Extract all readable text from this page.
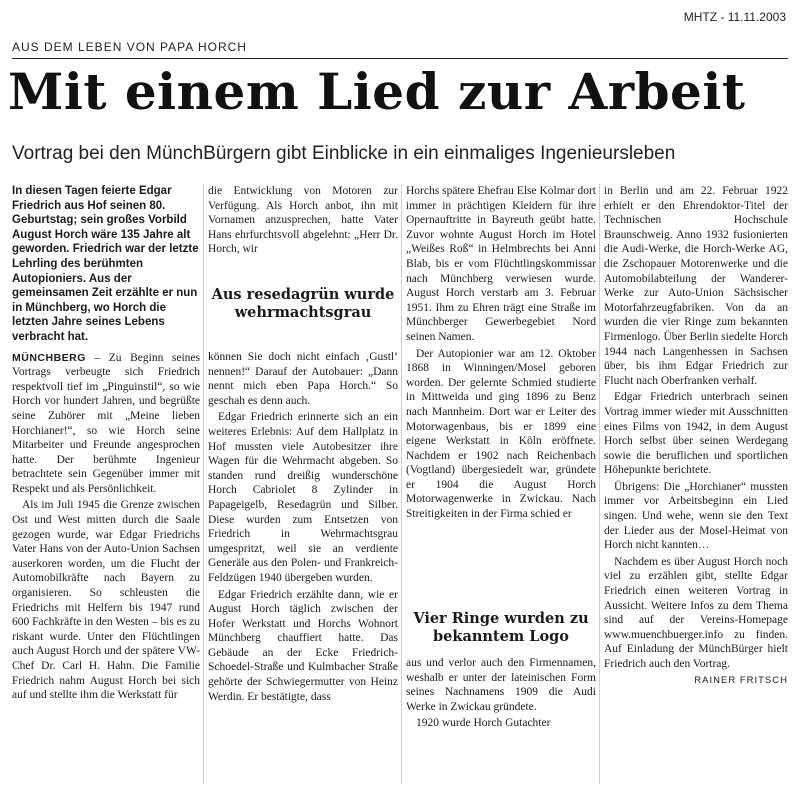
MHTZ - 11.11.2003
AUS DEM LEBEN VON PAPA HORCH
Mit einem Lied zur Arbeit
Vortrag bei den MünchBürgern gibt Einblicke in ein einmaliges Ingenieursleben
In diesen Tagen feierte Edgar Friedrich aus Hof seinen 80. Geburtstag; sein großes Vorbild August Horch wäre 135 Jahre alt geworden. Friedrich war der letzte Lehrling des berühmten Autopioniers. Aus der gemeinsamen Zeit erzählte er nun in Münchberg, wo Horch die letzten Jahre seines Lebens verbracht hat.

MÜNCHBERG – Zu Beginn seines Vortrags verbeugte sich Friedrich respektvoll tief im „Pinguinstil“, so wie Horch vor hundert Jahren, und begrüßte seine Zuhörer mit „Meine lieben Horchianer!“, so wie Horch seine Mitarbeiter und Freunde angesprochen hatte. Der berühmte Ingenieur betrachtete sein Gegenüber immer mit Respekt und als Persönlichkeit.

Als im Juli 1945 die Grenze zwischen Ost und West mitten durch die Saale gezogen wurde, war Edgar Friedrichs Vater Hans von der Auto-Union Sachsen auserkoren worden, um die Flucht der Automobilkräfte nach Bayern zu organisieren. So schleusten die Friedrichs mit Helfern bis 1947 rund 600 Fachkräfte in den Westen – bis es zu riskant wurde. Unter den Flüchtlingen auch August Horch und der spätere VW-Chef Dr. Carl H. Hahn. Die Familie Friedrich nahm August Horch bei sich auf und stellte ihm die Werkstatt für

die Entwicklung von Motoren zur Verfügung. Als Horch anbot, ihn mit Vornamen anzusprechen, hatte Vater Hans ehrfurchtsvoll abgelehnt: „Herr Dr. Horch, wir

Aus resedagrün wurde wehrmachtsgrau

können Sie doch nicht einfach ‚Gustl‘ nennen!“ Darauf der Autobauer: „Dann nennt mich eben Papa Horch.“ So geschah es denn auch.

Edgar Friedrich erinnerte sich an ein weiteres Erlebnis: Auf dem Hallplatz in Hof mussten viele Autobesitzer ihre Wagen für die Wehrmacht abgeben. So standen rund dreißig wunderschöne Horch Cabriolet 8 Zylinder in Papageigelb, Resedagrün und Silber. Diese wurden zum Entsetzen von Friedrich in Wehrmachtsgrau umgespritzt, weil sie an verdiente Generäle aus den Polen- und Frankreich-Feldzügen 1940 übergeben wurden.

Edgar Friedrich erzählte dann, wie er August Horch täglich zwischen der Hofer Werkstatt und Horchs Wohnort Münchberg chauffiert hatte. Das Gebäude an der Ecke Friedrich-Schoedel-Straße und Kulmbacher Straße gehörte der Schwiegermutter von Heinz Werdin. Er bestätigte, dass

Horchs spätere Ehefrau Else Kolmar dort immer in prächtigen Kleidern für ihre Opernauftritte in Bayreuth geübt hatte. Zuvor wohnte August Horch im Hotel „Weißes Roß“ in Helmbrechts bei Anni Blab, bis er vom Flüchtlingskommissar nach Münchberg verwiesen wurde. August Horch verstarb am 3. Februar 1951. Ihm zu Ehren trägt eine Straße im Münchberger Gewerbegebiet Nord seinen Namen.

Der Autopionier war am 12. Oktober 1868 in Winningen/Mosel geboren worden. Der gelernte Schmied studierte in Mittweida und ging 1896 zu Benz nach Mannheim. Dort war er Leiter des Motorwagenbaus, bis er 1899 eine eigene Werkstatt in Köln eröffnete. Nachdem er 1902 nach Reichenbach (Vogtland) übergesiedelt war, gründete er 1904 die August Horch Motorwagenwerke in Zwickau. Nach Streitigkeiten in der Firma schied er

Vier Ringe wurden zu bekanntem Logo

aus und verlor auch den Firmennamen, weshalb er unter der lateinischen Form seines Nachnamens 1909 die Audi Werke in Zwickau gründete.

1920 wurde Horch Gutachter

in Berlin und am 22. Februar 1922 erhielt er den Ehrendoktor-Titel der Technischen Hochschule Braunschweig. Anno 1932 fusionierten die Audi-Werke, die Horch-Werke AG, die Zschopauer Motorenwerke und die Automobilabteilung der Wanderer-Werke zur Auto-Union Sächsischer Motorfahrzeugfabriken. Von da an wurden die vier Ringe zum bekannten Firmenlogo. Über Berlin siedelte Horch 1944 nach Langenhessen in Sachsen über, bis ihm Edgar Friedrich zur Flucht nach Oberfranken verhalf.

Edgar Friedrich unterbrach seinen Vortrag immer wieder mit Ausschnitten eines Films von 1942, in dem August Horch selbst über seinen Werdegang sowie die beruflichen und sportlichen Höhepunkte berichtete.

Übrigens: Die „Horchianer“ mussten immer vor Arbeitsbeginn ein Lied singen. Und wehe, wenn sie den Text der Lieder aus der Mosel-Heimat von Horch nicht kannten…

Nachdem es über August Horch noch viel zu erzählen gibt, stellte Edgar Friedrich einen weiteren Vortrag in Aussicht. Weitere Infos zu dem Thema sind auf der Vereins-Homepage www.muenchbuerger.info zu finden. Auf Einladung der MünchBürger hielt Friedrich auch den Vortrag.

RAINER FRITSCH
